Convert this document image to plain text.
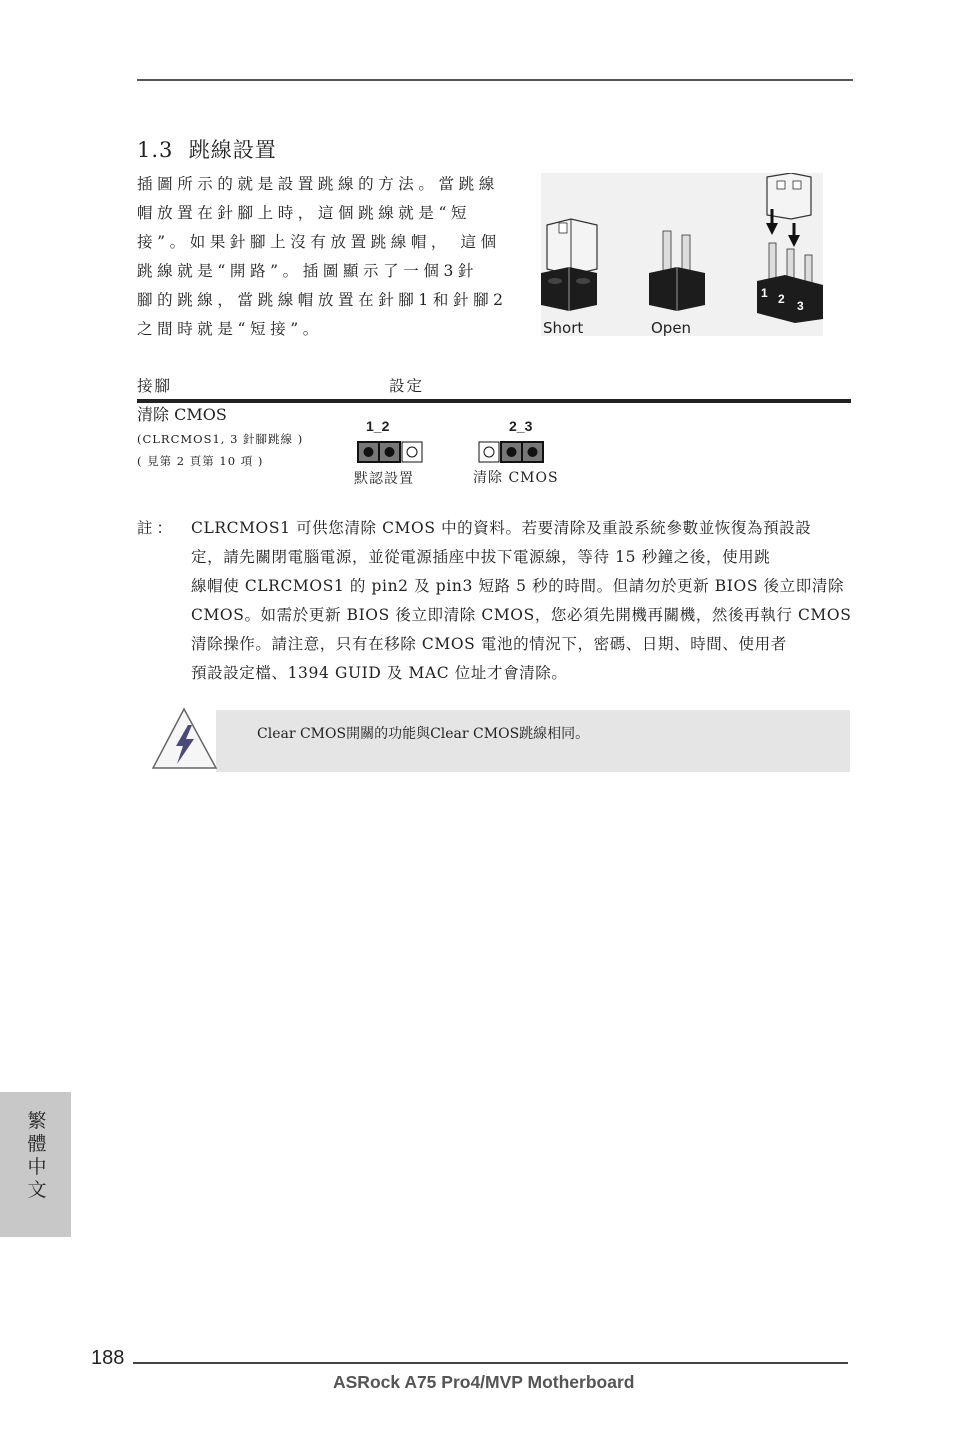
1.3 跳線設置
插圖所示的就是設置跳線的方法。當跳線
帽放置在針腳上時，這個跳線就是“短
接”。如果針腳上沒有放置跳線帽， 這個
跳線就是“開路”。插圖顯示了一個3針
腳的跳線，當跳線帽放置在針腳1和針腳2
之間時就是“短接”。
1 2 3
Short	Open
接腳	設定
清除 CMOS
(CLRCMOS1, 3 針腳跳線 )
( 見第 2 頁第 10 項 )
1_2
默認設置
2_3
清除 CMOS
註： CLRCMOS1 可供您清除 CMOS 中的資料。若要清除及重設系統參數並恢復為預設設
定，請先關閉電腦電源，並從電源插座中拔下電源線，等待 15 秒鐘之後，使用跳
線帽使 CLRCMOS1 的 pin2 及 pin3 短路 5 秒的時間。但請勿於更新 BIOS 後立即清除
CMOS。如需於更新 BIOS 後立即清除 CMOS，您必須先開機再關機，然後再執行 CMOS
清除操作。請注意，只有在移除 CMOS 電池的情況下，密碼、日期、時間、使用者
預設設定檔、1394 GUID 及 MAC 位址才會清除。
Clear CMOS開關的功能與Clear CMOS跳線相同。
繁
體
中
文
188
ASRock A75 Pro4/MVP Motherboard
